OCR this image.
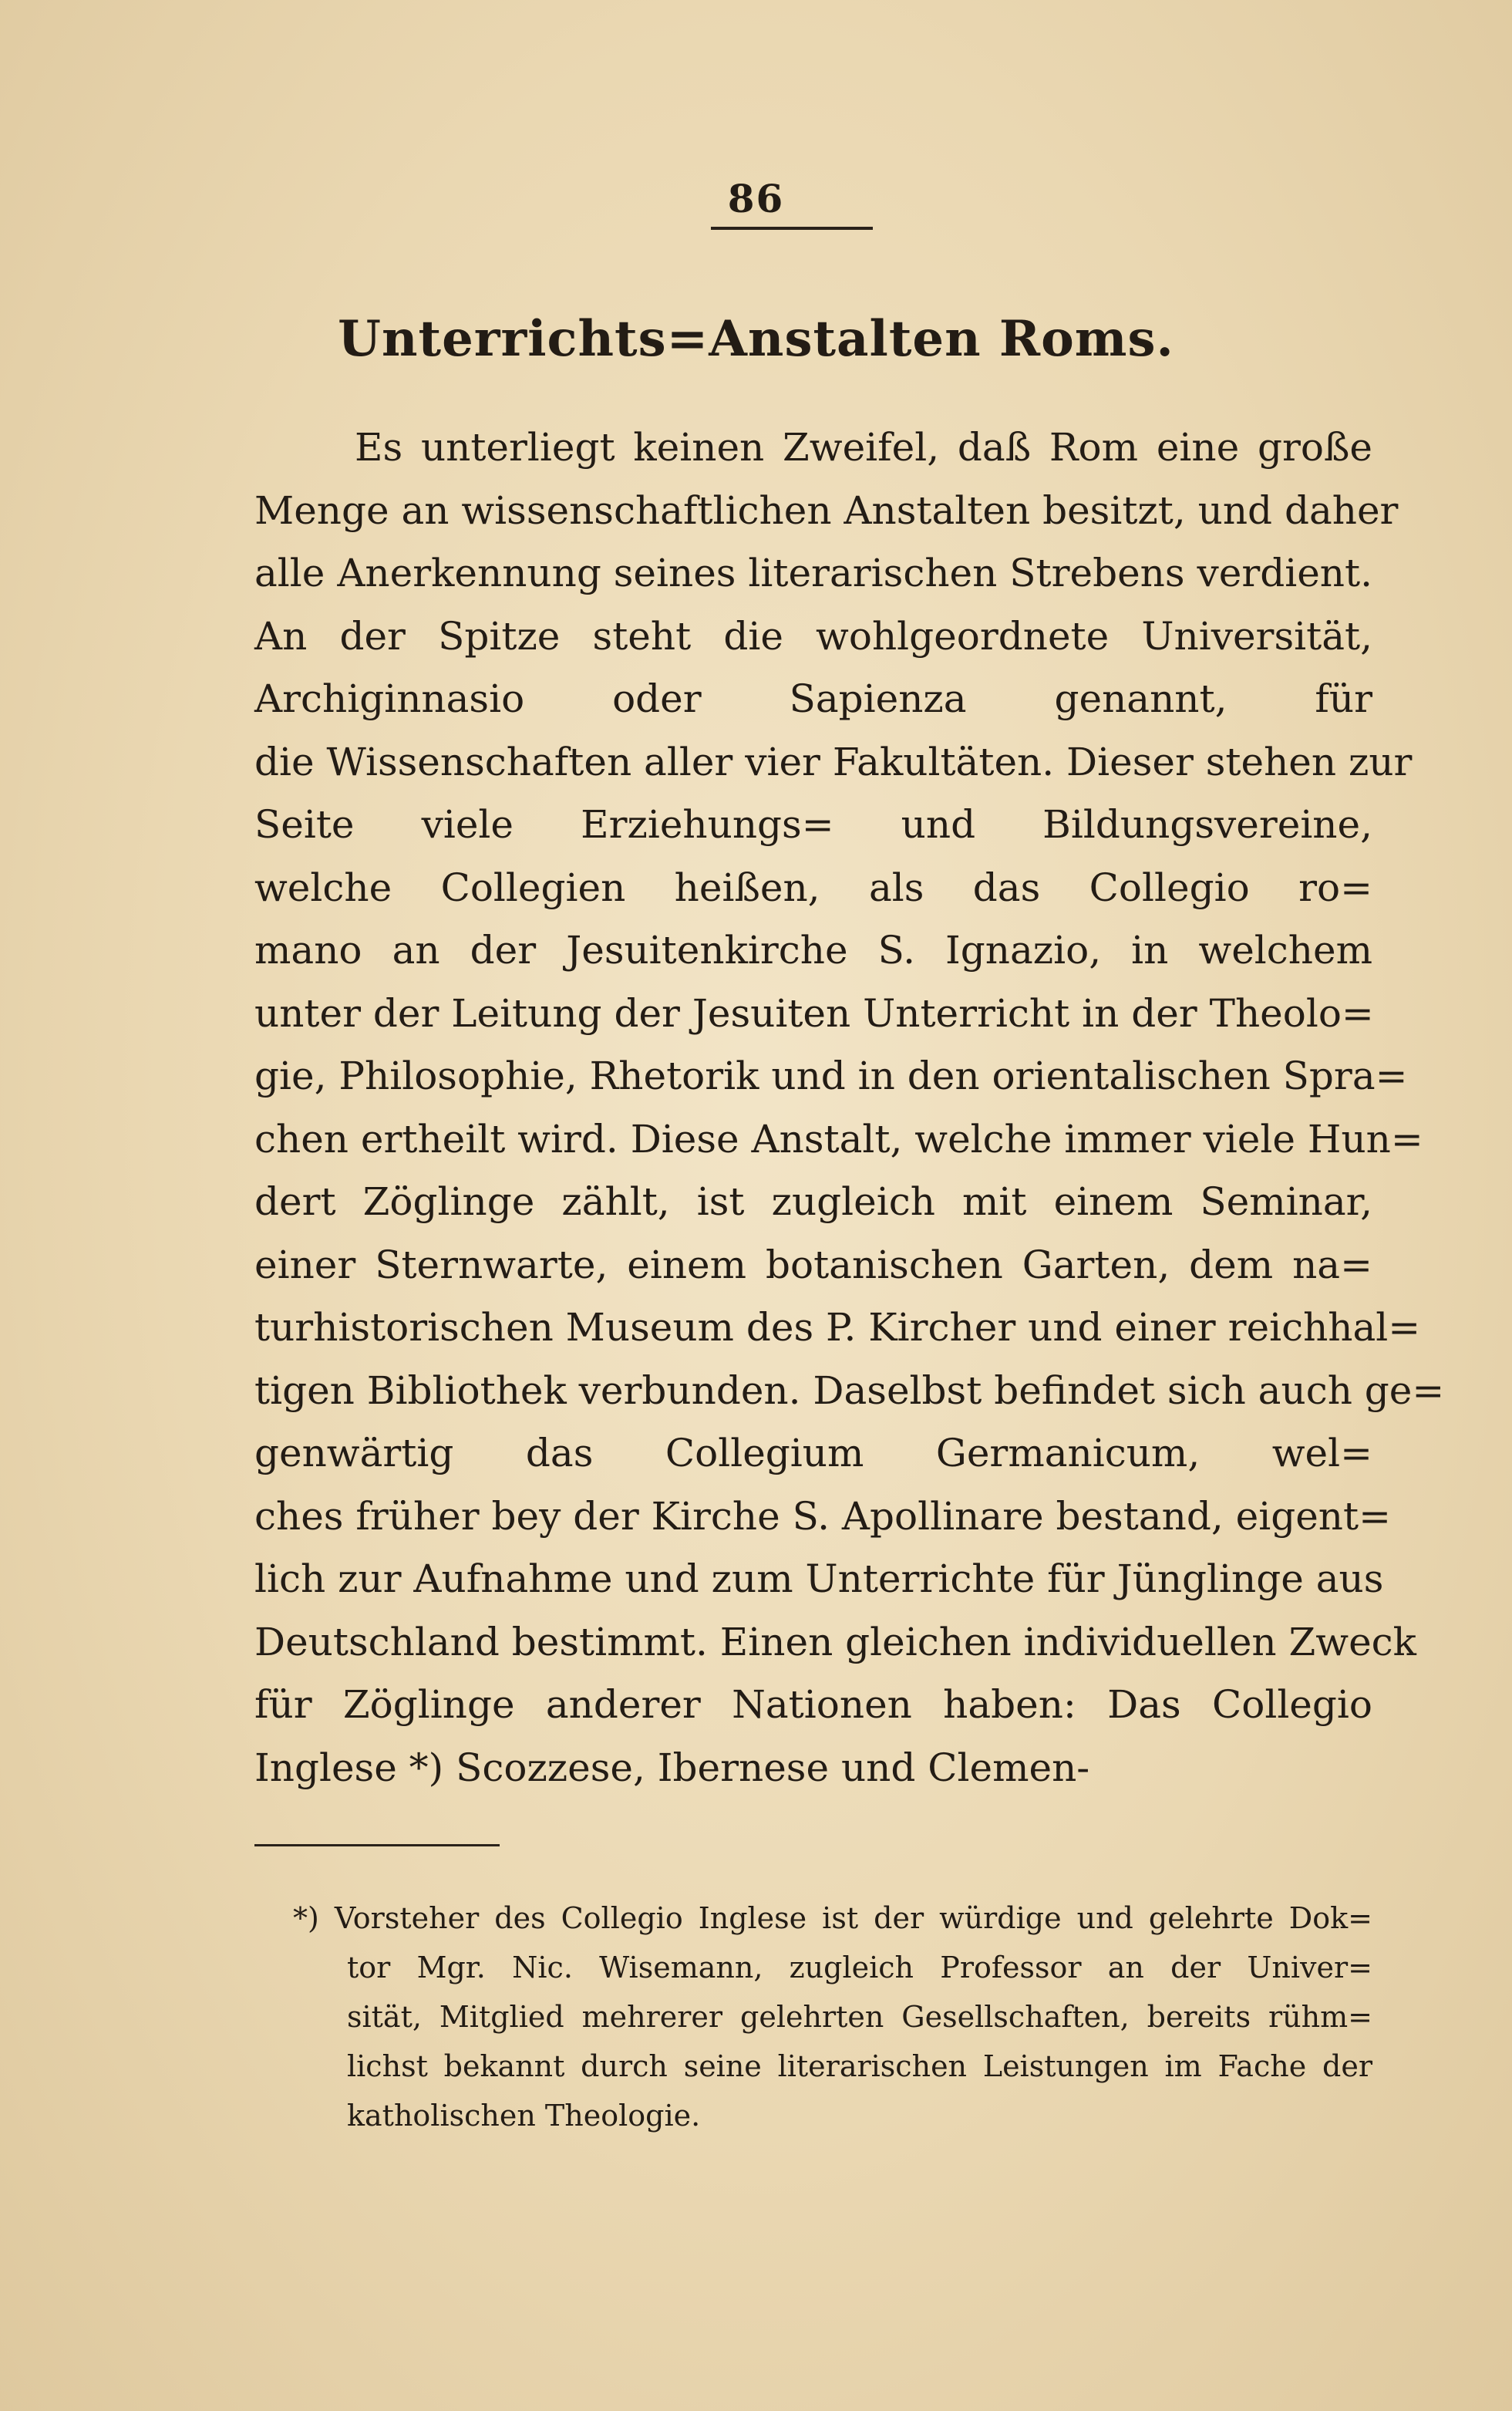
86
Unterrichts=Anstalten Roms.
Es unterliegt keinen Zweifel, daß Rom eine große
Menge an wissenschaftlichen Anstalten besitzt, und daher
alle Anerkennung seines literarischen Strebens verdient.
An der Spitze steht die wohlgeordnete Universität,
Archiginnasio oder Sapienza genannt, für
die Wissenschaften aller vier Fakultäten. Dieser stehen zur
Seite viele Erziehungs= und Bildungsvereine,
welche Collegien heißen, als das Collegio ro=
mano an der Jesuitenkirche S. Ignazio, in welchem
unter der Leitung der Jesuiten Unterricht in der Theolo=
gie, Philosophie, Rhetorik und in den orientalischen Spra=
chen ertheilt wird. Diese Anstalt, welche immer viele Hun=
dert Zöglinge zählt, ist zugleich mit einem Seminar,
einer Sternwarte, einem botanischen Garten, dem na=
turhistorischen Museum des P. Kircher und einer reichhal=
tigen Bibliothek verbunden. Daselbst befindet sich auch ge=
genwärtig das Collegium Germanicum, wel=
ches früher bey der Kirche S. Apollinare bestand, eigent=
lich zur Aufnahme und zum Unterrichte für Jünglinge aus
Deutschland bestimmt. Einen gleichen individuellen Zweck
für Zöglinge anderer Nationen haben: Das Collegio
Inglese *) Scozzese, Ibernese und Clemen-
*) Vorsteher des Collegio Inglese ist der würdige und gelehrte Dok=
tor Mgr. Nic. Wisemann, zugleich Professor an der Univer=
sität, Mitglied mehrerer gelehrten Gesellschaften, bereits rühm=
lichst bekannt durch seine literarischen Leistungen im Fache der
katholischen Theologie.
